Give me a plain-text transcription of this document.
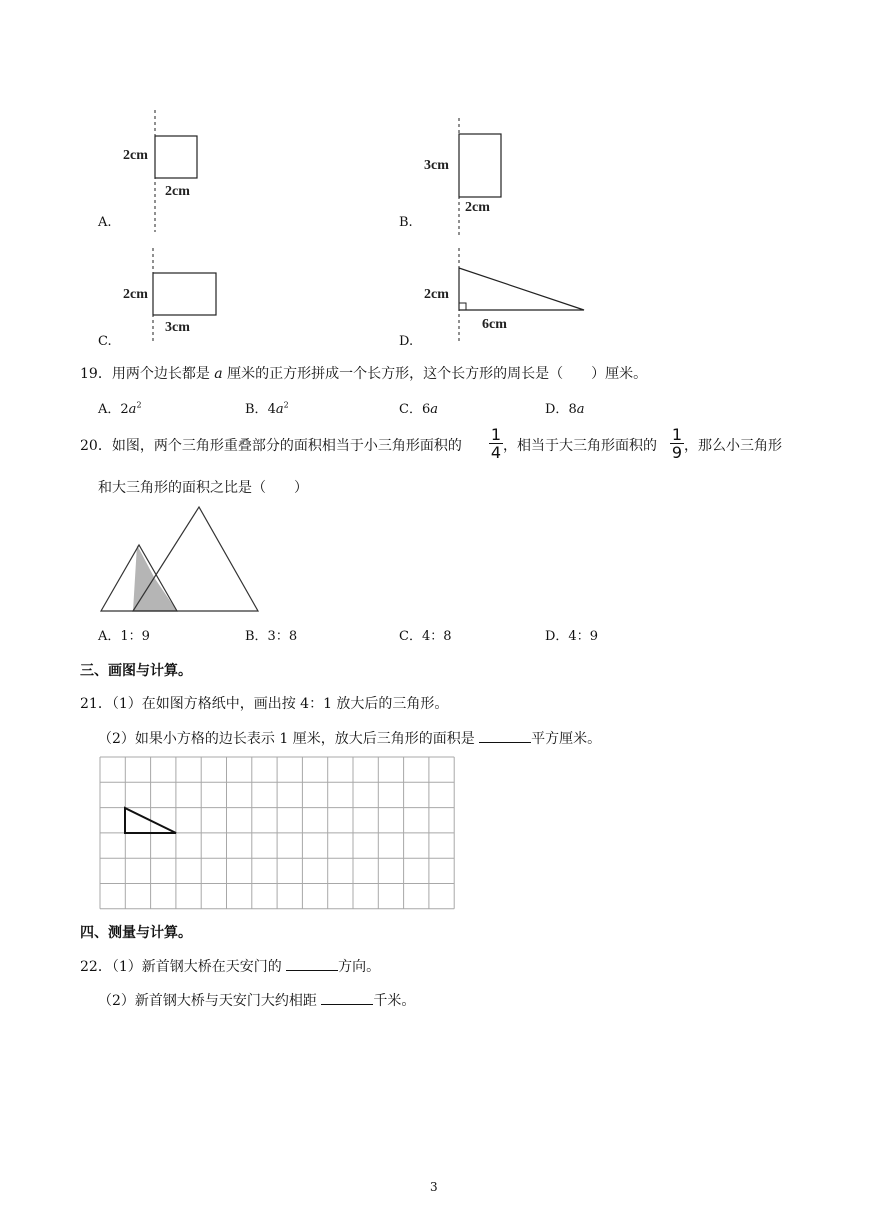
2cm
2cm
A.
3cm
2cm
B.
2cm
3cm
C.
2cm
6cm
D.
19．用两个边长都是 a 厘米的正方形拼成一个长方形，这个长方形的周长是（　　）厘米。
A．$2a^2$	B．$4a^2$	C．6a	D．8a
20．如图，两个三角形重叠部分的面积相当于小三角形面积的
1
4 ，相当于大三角形面积的
1
9 ，那么小三角形
和大三角形的面积之比是（　　）
A．1：9	B．3：8	C．4：8	D．4：9
三、画图与计算。
21．（1）在如图方格纸中，画出按 4：1 放大后的三角形。
（2）如果小方格的边长表示 1 厘米，放大后三角形的面积是	平方厘米。
四、测量与计算。
22．（1）新首钢大桥在天安门的	方向。
（2）新首钢大桥与天安门大约相距	千米。
3
